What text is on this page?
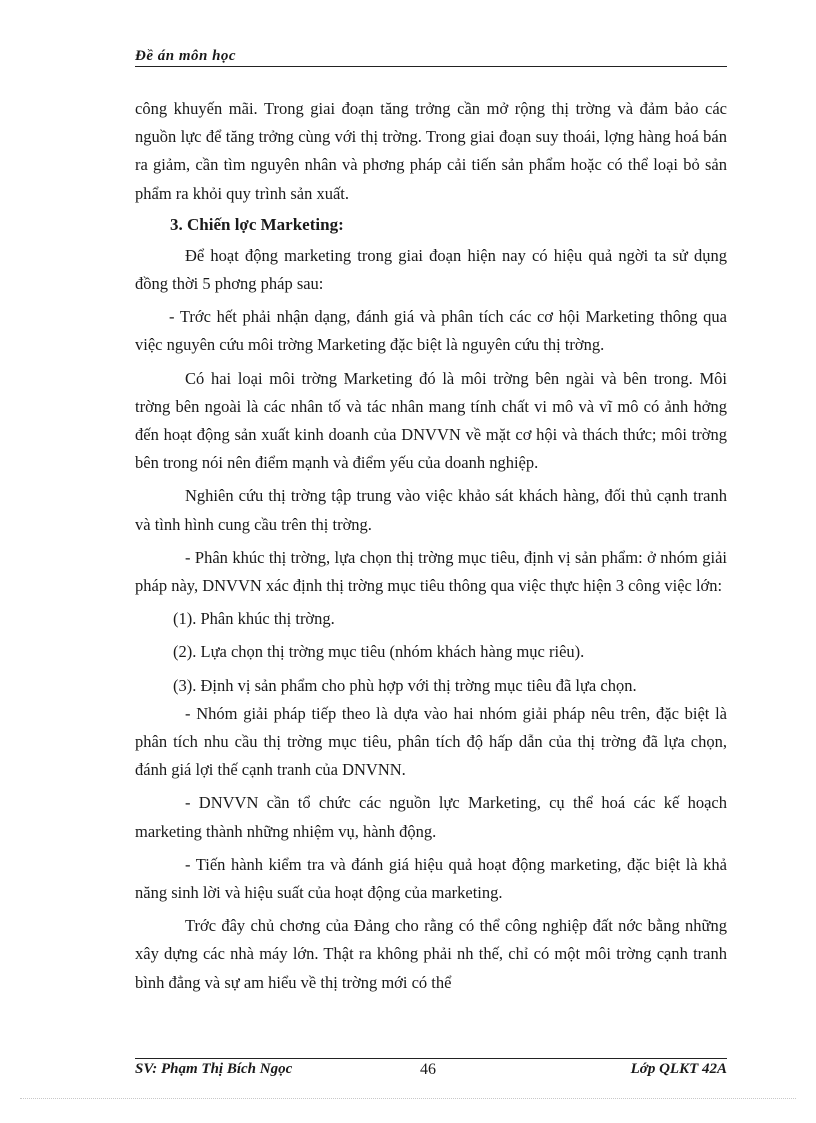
Đề án môn học

công khuyến mãi. Trong giai đoạn tăng trởng cần mở rộng thị trờng và đảm bảo các nguồn lực để tăng trởng cùng với thị trờng. Trong giai đoạn suy thoái, lợng hàng hoá bán ra giảm, cần tìm nguyên nhân và phơng pháp cải tiến sản phẩm hoặc có thể loại bỏ sản phẩm ra khỏi quy trình sản xuất.

3. Chiến lợc Marketing:

Để hoạt động marketing trong giai đoạn hiện nay có hiệu quả ngời ta sử dụng đồng thời 5 phơng pháp sau:

- Trớc hết phải nhận dạng, đánh giá và phân tích các cơ hội Marketing thông qua việc nguyên cứu môi trờng Marketing đặc biệt là nguyên cứu thị trờng.

Có hai loại môi trờng Marketing đó là môi trờng bên ngài và bên trong. Môi trờng bên ngoài là các nhân tố và tác nhân mang tính chất vi mô và vĩ mô có ảnh hởng đến hoạt động sản xuất kinh doanh của DNVVN về mặt cơ hội và thách thức; môi trờng bên trong nói nên điểm mạnh và điểm yếu của doanh nghiệp.

Nghiên cứu thị trờng tập trung vào việc khảo sát khách hàng, đối thủ cạnh tranh và tình hình cung cầu trên thị trờng.

- Phân khúc thị trờng, lựa chọn thị trờng mục tiêu, định vị sản phẩm: ở nhóm giải pháp này, DNVVN xác định thị trờng mục tiêu thông qua việc thực hiện 3 công việc lớn:

(1). Phân khúc thị trờng.

(2). Lựa chọn thị trờng mục tiêu (nhóm khách hàng mục riêu).

(3). Định vị sản phẩm cho phù hợp với thị trờng mục tiêu đã lựa chọn.

- Nhóm giải pháp tiếp theo là dựa vào hai nhóm giải pháp nêu trên, đặc biệt là phân tích nhu cầu thị trờng mục tiêu, phân tích độ hấp dẫn của thị trờng đã lựa chọn, đánh giá lợi thế cạnh tranh của DNVNN.

- DNVVN cần tổ chức các nguồn lực Marketing, cụ thể hoá các kế hoạch marketing thành những nhiệm vụ, hành động.

- Tiến hành kiểm tra và đánh giá hiệu quả hoạt động marketing, đặc biệt là khả năng sinh lời và hiệu suất của hoạt động của marketing.

Trớc đây chủ chơng của Đảng cho rằng có thể công nghiệp đất nớc bằng những xây dựng các nhà máy lớn. Thật ra không phải nh thế, chỉ có một môi trờng cạnh tranh bình đẳng và sự am hiểu về thị trờng mới có thể

SV: Phạm Thị Bích Ngọc	46	Lớp QLKT 42A
